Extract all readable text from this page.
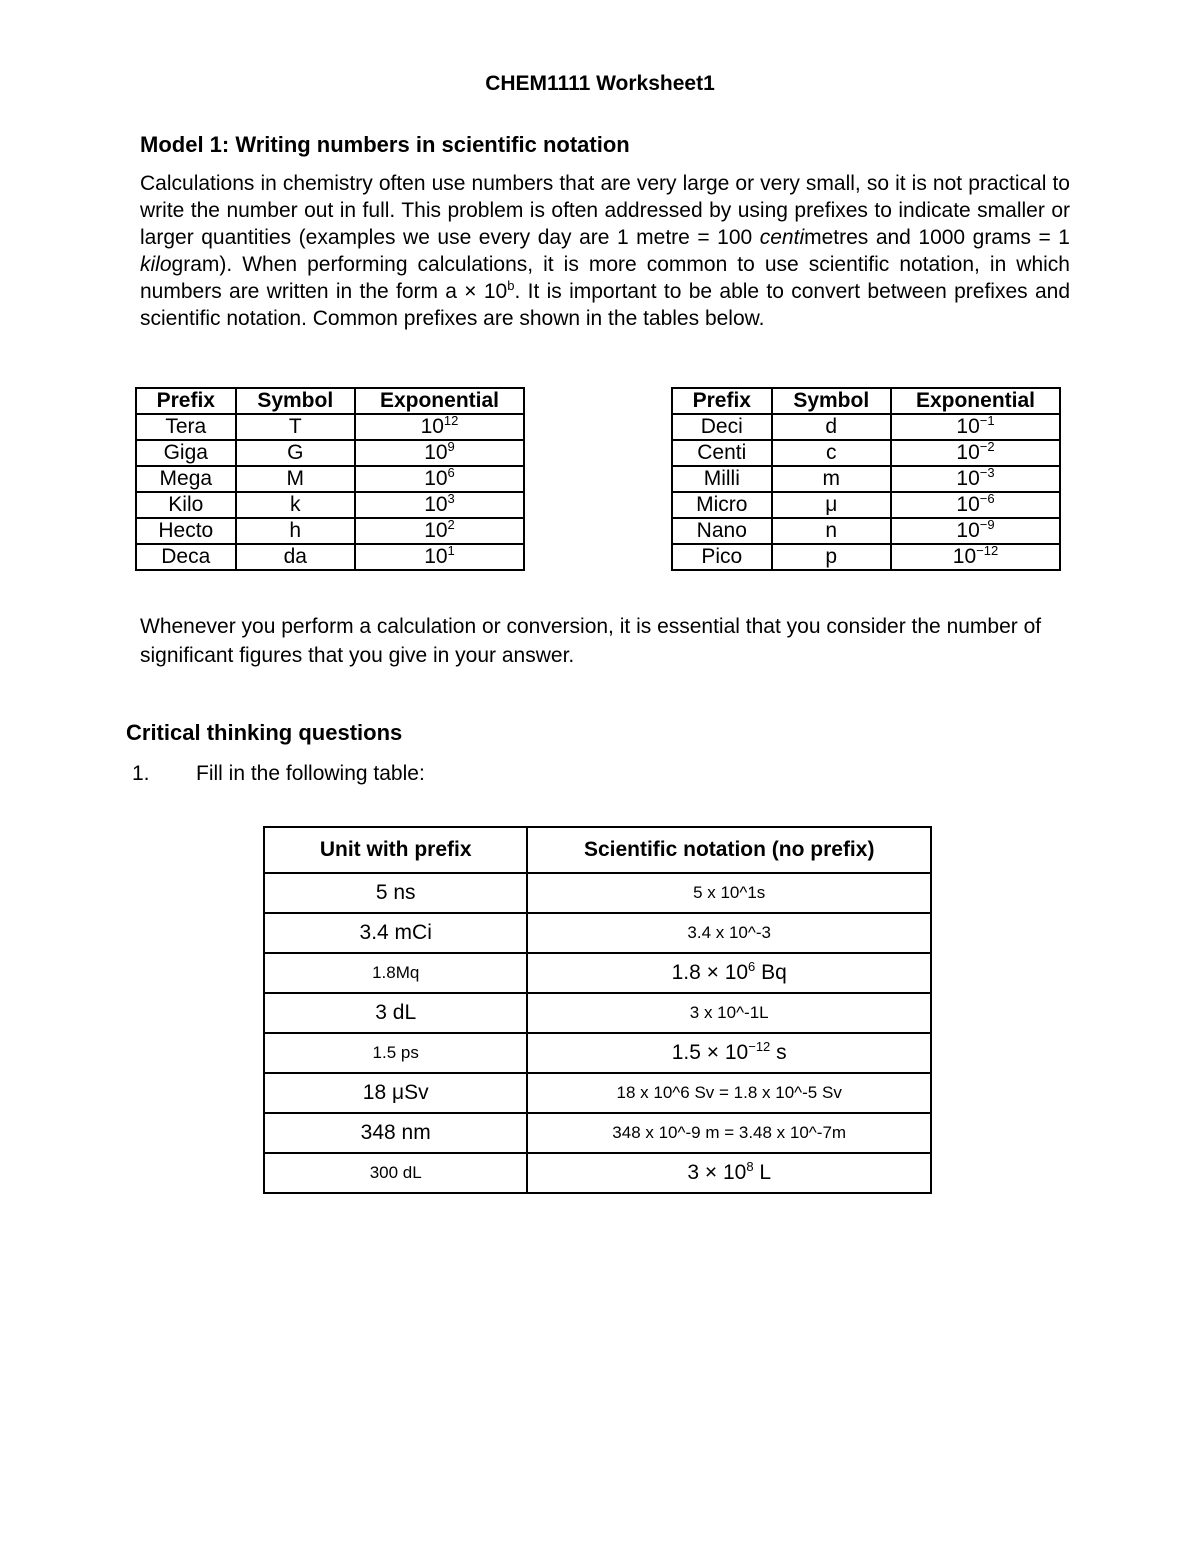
CHEM1111 Worksheet1
Model 1: Writing numbers in scientific notation

Calculations in chemistry often use numbers that are very large or very small, so it is not practical to write the number out in full. This problem is often addressed by using prefixes to indicate smaller or larger quantities (examples we use every day are 1 metre = 100 centimetres and 1000 grams = 1 kilogram). When performing calculations, it is more common to use scientific notation, in which numbers are written in the form $a \times 10^b$. It is important to be able to convert between prefixes and scientific notation. Common prefixes are shown in the tables below.

Prefix	Symbol	Exponential
Tera	T	$10^{12}$
Giga	G	$10^9$
Mega	M	$10^6$
Kilo	k	$10^3$
Hecto	h	$10^2$
Deca	da	$10^1$
Prefix	Symbol	Exponential
Deci	d	$10^{-1}$
Centi	c	$10^{-2}$
Milli	m	$10^{-3}$
Micro	μ	$10^{-6}$
Nano	n	$10^{-9}$
Pico	p	$10^{-12}$
Whenever you perform a calculation or conversion, it is essential that you consider the number of significant figures that you give in your answer.
Critical thinking questions
1. Fill in the following table:
Unit with prefix	Scientific notation (no prefix)
5 ns	5 x 10^1s
3.4 mCi	3.4 x 10^-3
1.8Mq	$1.8 \times 10^6$ Bq
3 dL	3 x 10^-1L
1.5 ps	$1.5 \times 10^{-12}$ s
18 μSv	18 x 10^6 Sv = 1.8 x 10^-5 Sv
348 nm	348 x 10^-9 m = 3.48 x 10^-7m
300 dL	$3 \times 10^8$ L
